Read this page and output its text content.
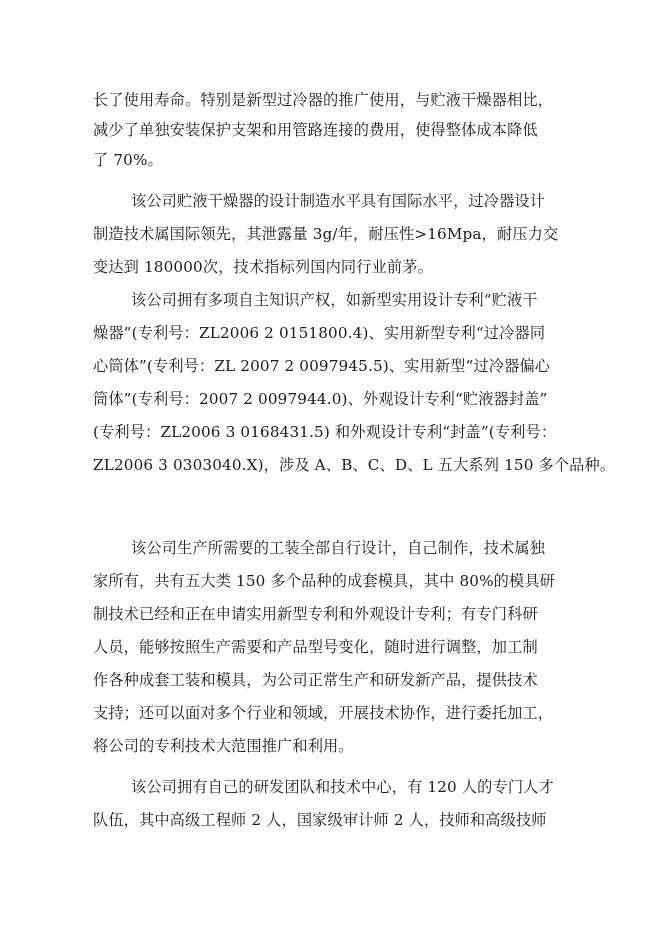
长了使用寿命。特别是新型过冷器的推广使用，与贮液干燥器相比，
减少了单独安装保护支架和用管路连接的费用，使得整体成本降低
了 70%。
该公司贮液干燥器的设计制造水平具有国际水平，过冷器设计
制造技术属国际领先，其泄露量 3g/年，耐压性>16Mpa，耐压力交
变达到 180000次，技术指标列国内同行业前茅。
该公司拥有多项自主知识产权，如新型实用设计专利“贮液干
燥器”(专利号：ZL2006 2 0151800.4)、实用新型专利“过冷器同
心筒体”(专利号：ZL 2007 2 0097945.5)、实用新型“过冷器偏心
筒体”(专利号：2007 2 0097944.0)、外观设计专利“贮液器封盖”
(专利号：ZL2006 3 0168431.5) 和外观设计专利“封盖”(专利号：
ZL2006 3 0303040.X)，涉及 A、B、C、D、L 五大系列 150 多个品种。
该公司生产所需要的工装全部自行设计，自己制作，技术属独
家所有，共有五大类 150 多个品种的成套模具，其中 80%的模具研
制技术已经和正在申请实用新型专利和外观设计专利；有专门科研
人员，能够按照生产需要和产品型号变化，随时进行调整，加工制
作各种成套工装和模具，为公司正常生产和研发新产品，提供技术
支持；还可以面对多个行业和领域，开展技术协作，进行委托加工，
将公司的专利技术大范围推广和利用。
该公司拥有自己的研发团队和技术中心，有 120 人的专门人才
队伍，其中高级工程师 2 人，国家级审计师 2 人，技师和高级技师
